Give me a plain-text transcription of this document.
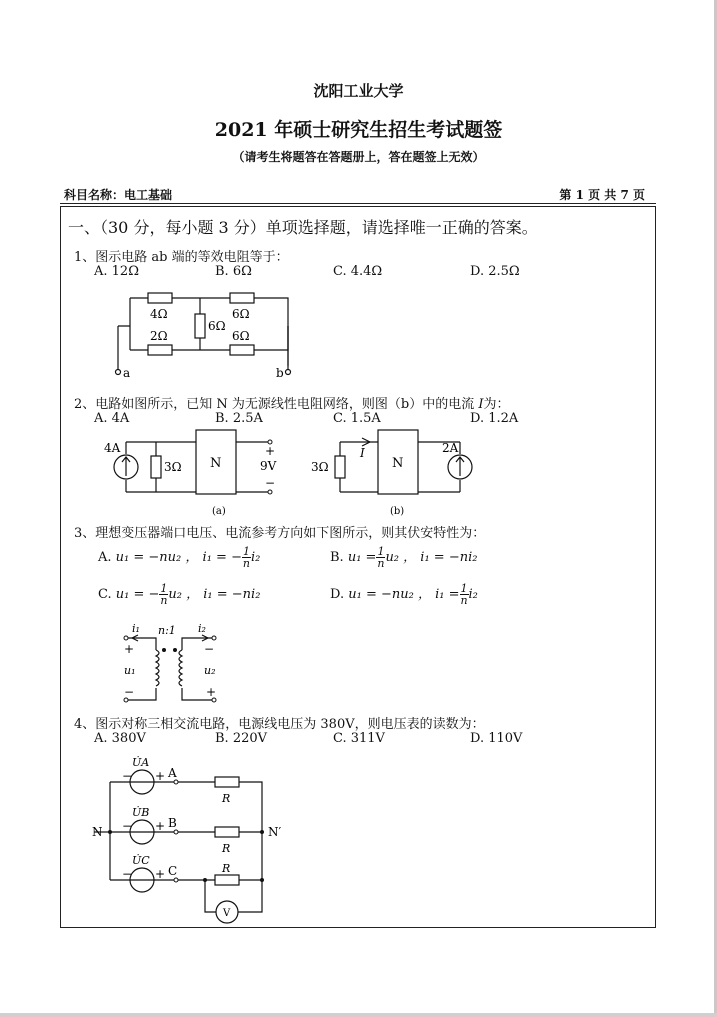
沈阳工业大学
2021 年硕士研究生招生考试题签
（请考生将题答在答题册上，答在题签上无效）
科目名称：电工基础	第 1 页 共 7 页
一、（30 分，每小题 3 分）单项选择题，请选择唯一正确的答案。
1、图示电路 ab 端的等效电阻等于：
A. 12Ω	B. 6Ω	C. 4.4Ω	D. 2.5Ω
4Ω
2Ω
6Ω
6Ω
6Ω
a	b
2、电路如图所示，已知 N 为无源线性电阻网络，则图（b）中的电流 I为：
A. 4A	B. 2.5A	C. 1.5A	D. 1.2A
4A
3Ω N
+
9V
−
(a)
3Ω
I
N
2A
(b)
3、理想变压器端口电压、电流参考方向如下图所示，则其伏安特性为：
A. u₁ = −nu₂ ， i₁ = − $\frac{1}{n} i_2$	B. $u_1 = \frac{1}{n} u_2$ ， i₁ = −ni₂
C. u₁ = − $\frac{1}{n} u_2$ ， i₁ = −ni₂	D. u₁ = −nu₂ ， $i_1 = \frac{1}{n} i_2$
i₁	i₂
n:1
+
u₁
−
−
u₂
+
4、图示对称三相交流电路，电源线电压为 380V，则电压表的读数为：
A. 380V	B. 220V	C. 311V	D. 110V
U̇A
U̇B
U̇C
− +
− +
− +
A
B
C
N	N′
R
R
R
V
